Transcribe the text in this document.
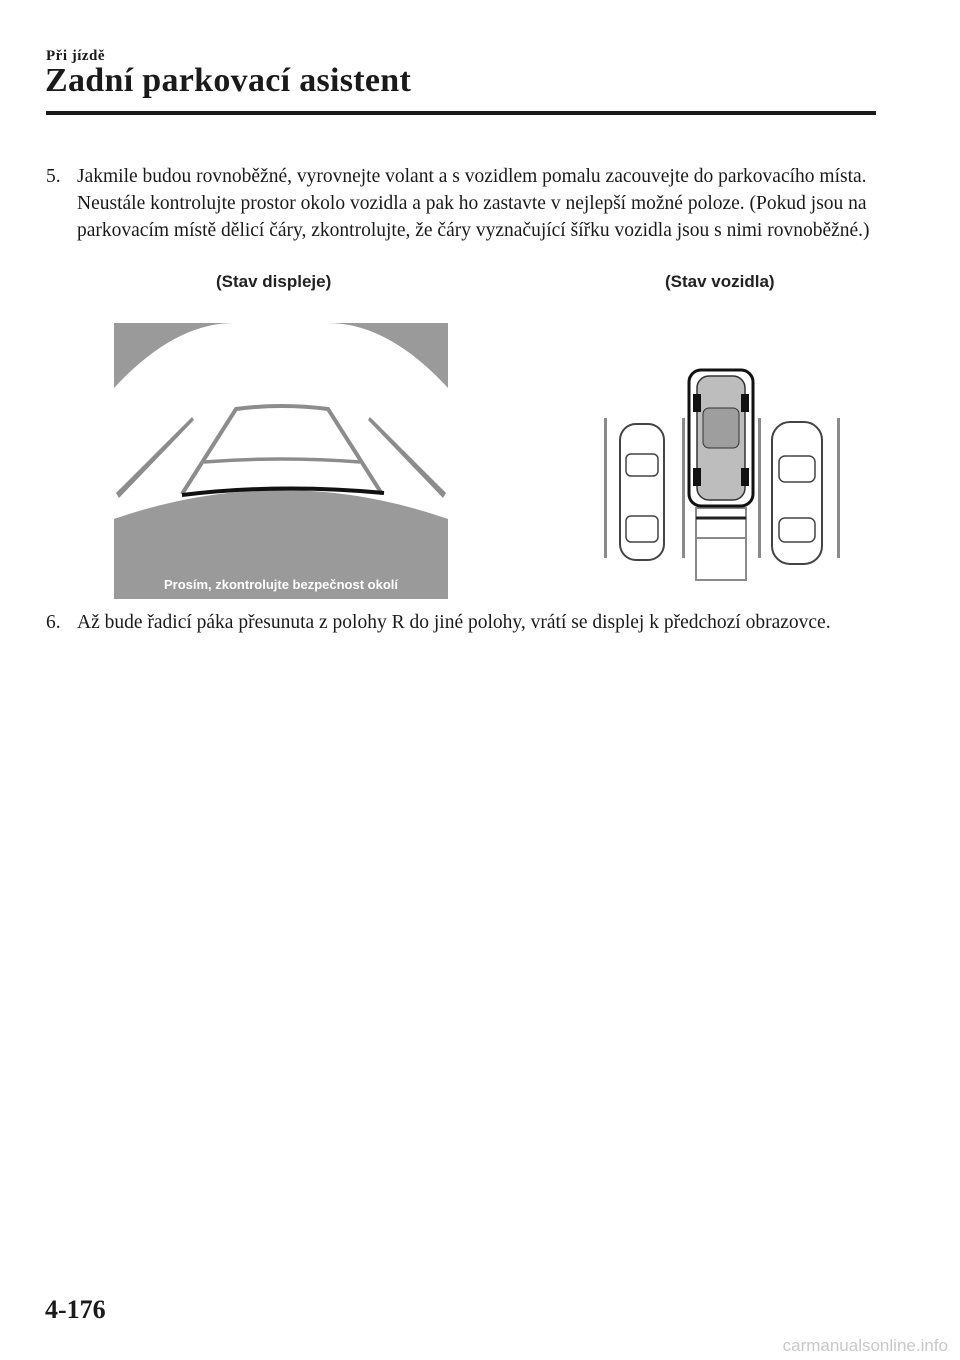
Při jízdě
Zadní parkovací asistent
5. Jakmile budou rovnoběžné, vyrovnejte volant a s vozidlem pomalu zacouvejte do parkovacího místa. Neustále kontrolujte prostor okolo vozidla a pak ho zastavte v nejlepší možné poloze. (Pokud jsou na parkovacím místě dělicí čáry, zkontrolujte, že čáry vyznačující šířku vozidla jsou s nimi rovnoběžné.)
(Stav displeje)	(Stav vozidla)
Prosím, zkontrolujte bezpečnost okolí
6. Až bude řadicí páka přesunuta z polohy R do jiné polohy, vrátí se displej k předchozí obrazovce.
4-176
carmanualsonline.info
